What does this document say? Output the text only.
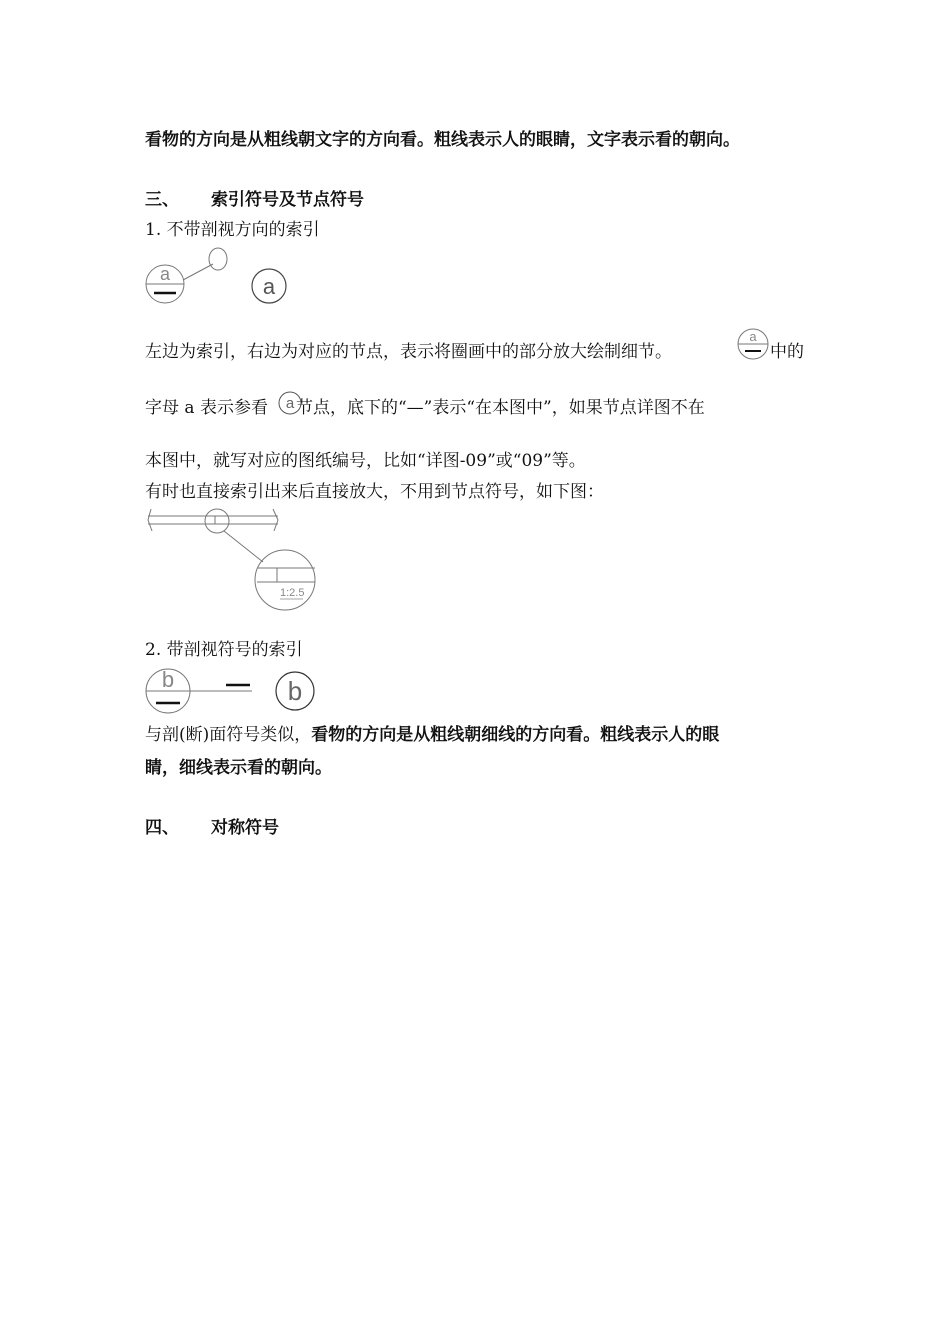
看物的方向是从粗线朝文字的方向看。粗线表示人的眼睛，文字表示看的朝向。
三、 索引符号及节点符号
1. 不带剖视方向的索引
a	a
左边为索引，右边为对应的节点，表示将圈画中的部分放大绘制细节。
a
中的
字母 a 表示参看 节点，底下的“—”表示“在本图中”，如果节点详图不在
a
本图中，就写对应的图纸编号，比如“详图-09”或“09”等。
有时也直接索引出来后直接放大，不用到节点符号，如下图：
1:2.5
2. 带剖视符号的索引
b	b
与剖(断)面符号类似，看物的方向是从粗线朝细线的方向看。粗线表示人的眼
睛，细线表示看的朝向。
四、 对称符号
